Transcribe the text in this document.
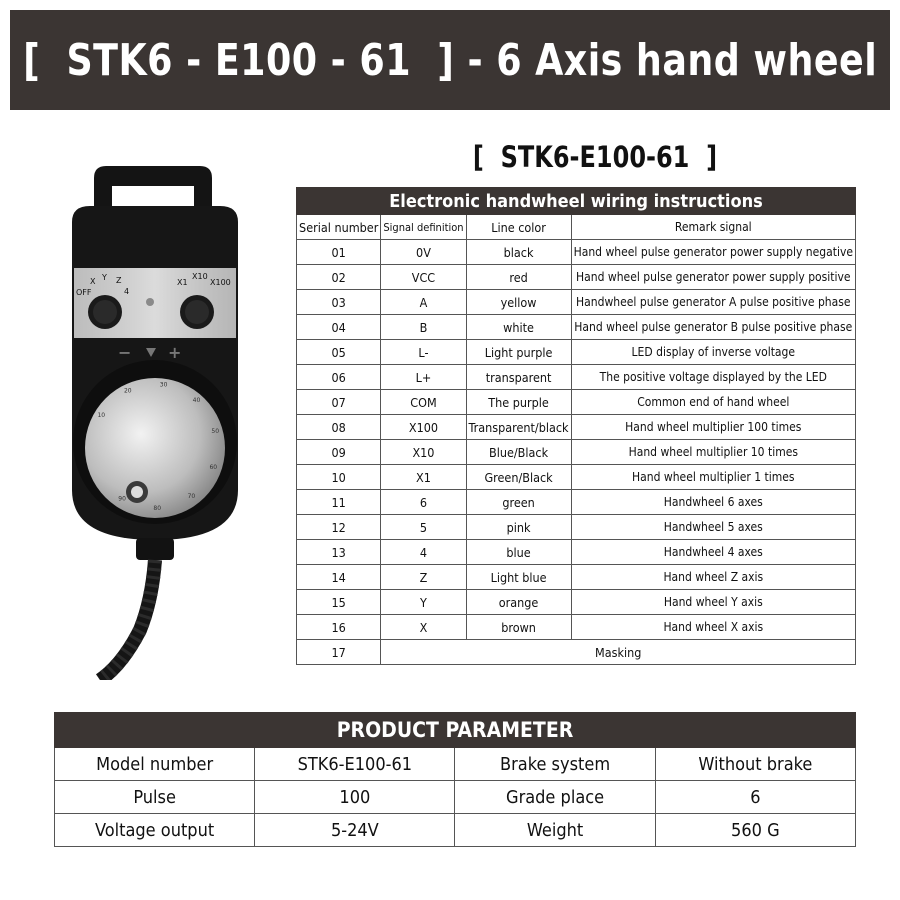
[  STK6 - E100 - 61  ] - 6 Axis hand wheel
OFF
X Y Z
4
X1
X10
X100
− +
10
20
30
40
50
60
70
80
90
[  STK6-E100-61  ]
Electronic handwheel wiring instructions			
Serial number	Signal definition	Line color	Remark signal
01	0V	black	Hand wheel pulse generator power supply negative
02	VCC	red	Hand wheel pulse generator power supply positive
03	A	yellow	Handwheel pulse generator A pulse positive phase
04	B	white	Hand wheel pulse generator B pulse positive phase
05	L-	Light purple	LED display of inverse voltage
06	L+	transparent	The positive voltage displayed by the LED
07	COM	The purple	Common end of hand wheel
08	X100	Transparent/black	Hand wheel multiplier 100 times
09	X10	Blue/Black	Hand wheel multiplier 10 times
10	X1	Green/Black	Hand wheel multiplier 1 times
11	6	green	Handwheel 6 axes
12	5	pink	Handwheel 5 axes
13	4	blue	Handwheel 4 axes
14	Z	Light blue	Hand wheel Z axis
15	Y	orange	Hand wheel Y axis
16	X	brown	Hand wheel X axis
17	Masking		
PRODUCT PARAMETER			
Model number	STK6-E100-61	Brake system	Without brake
Pulse	100	Grade place	6
Voltage output	5-24V	Weight	560 G
